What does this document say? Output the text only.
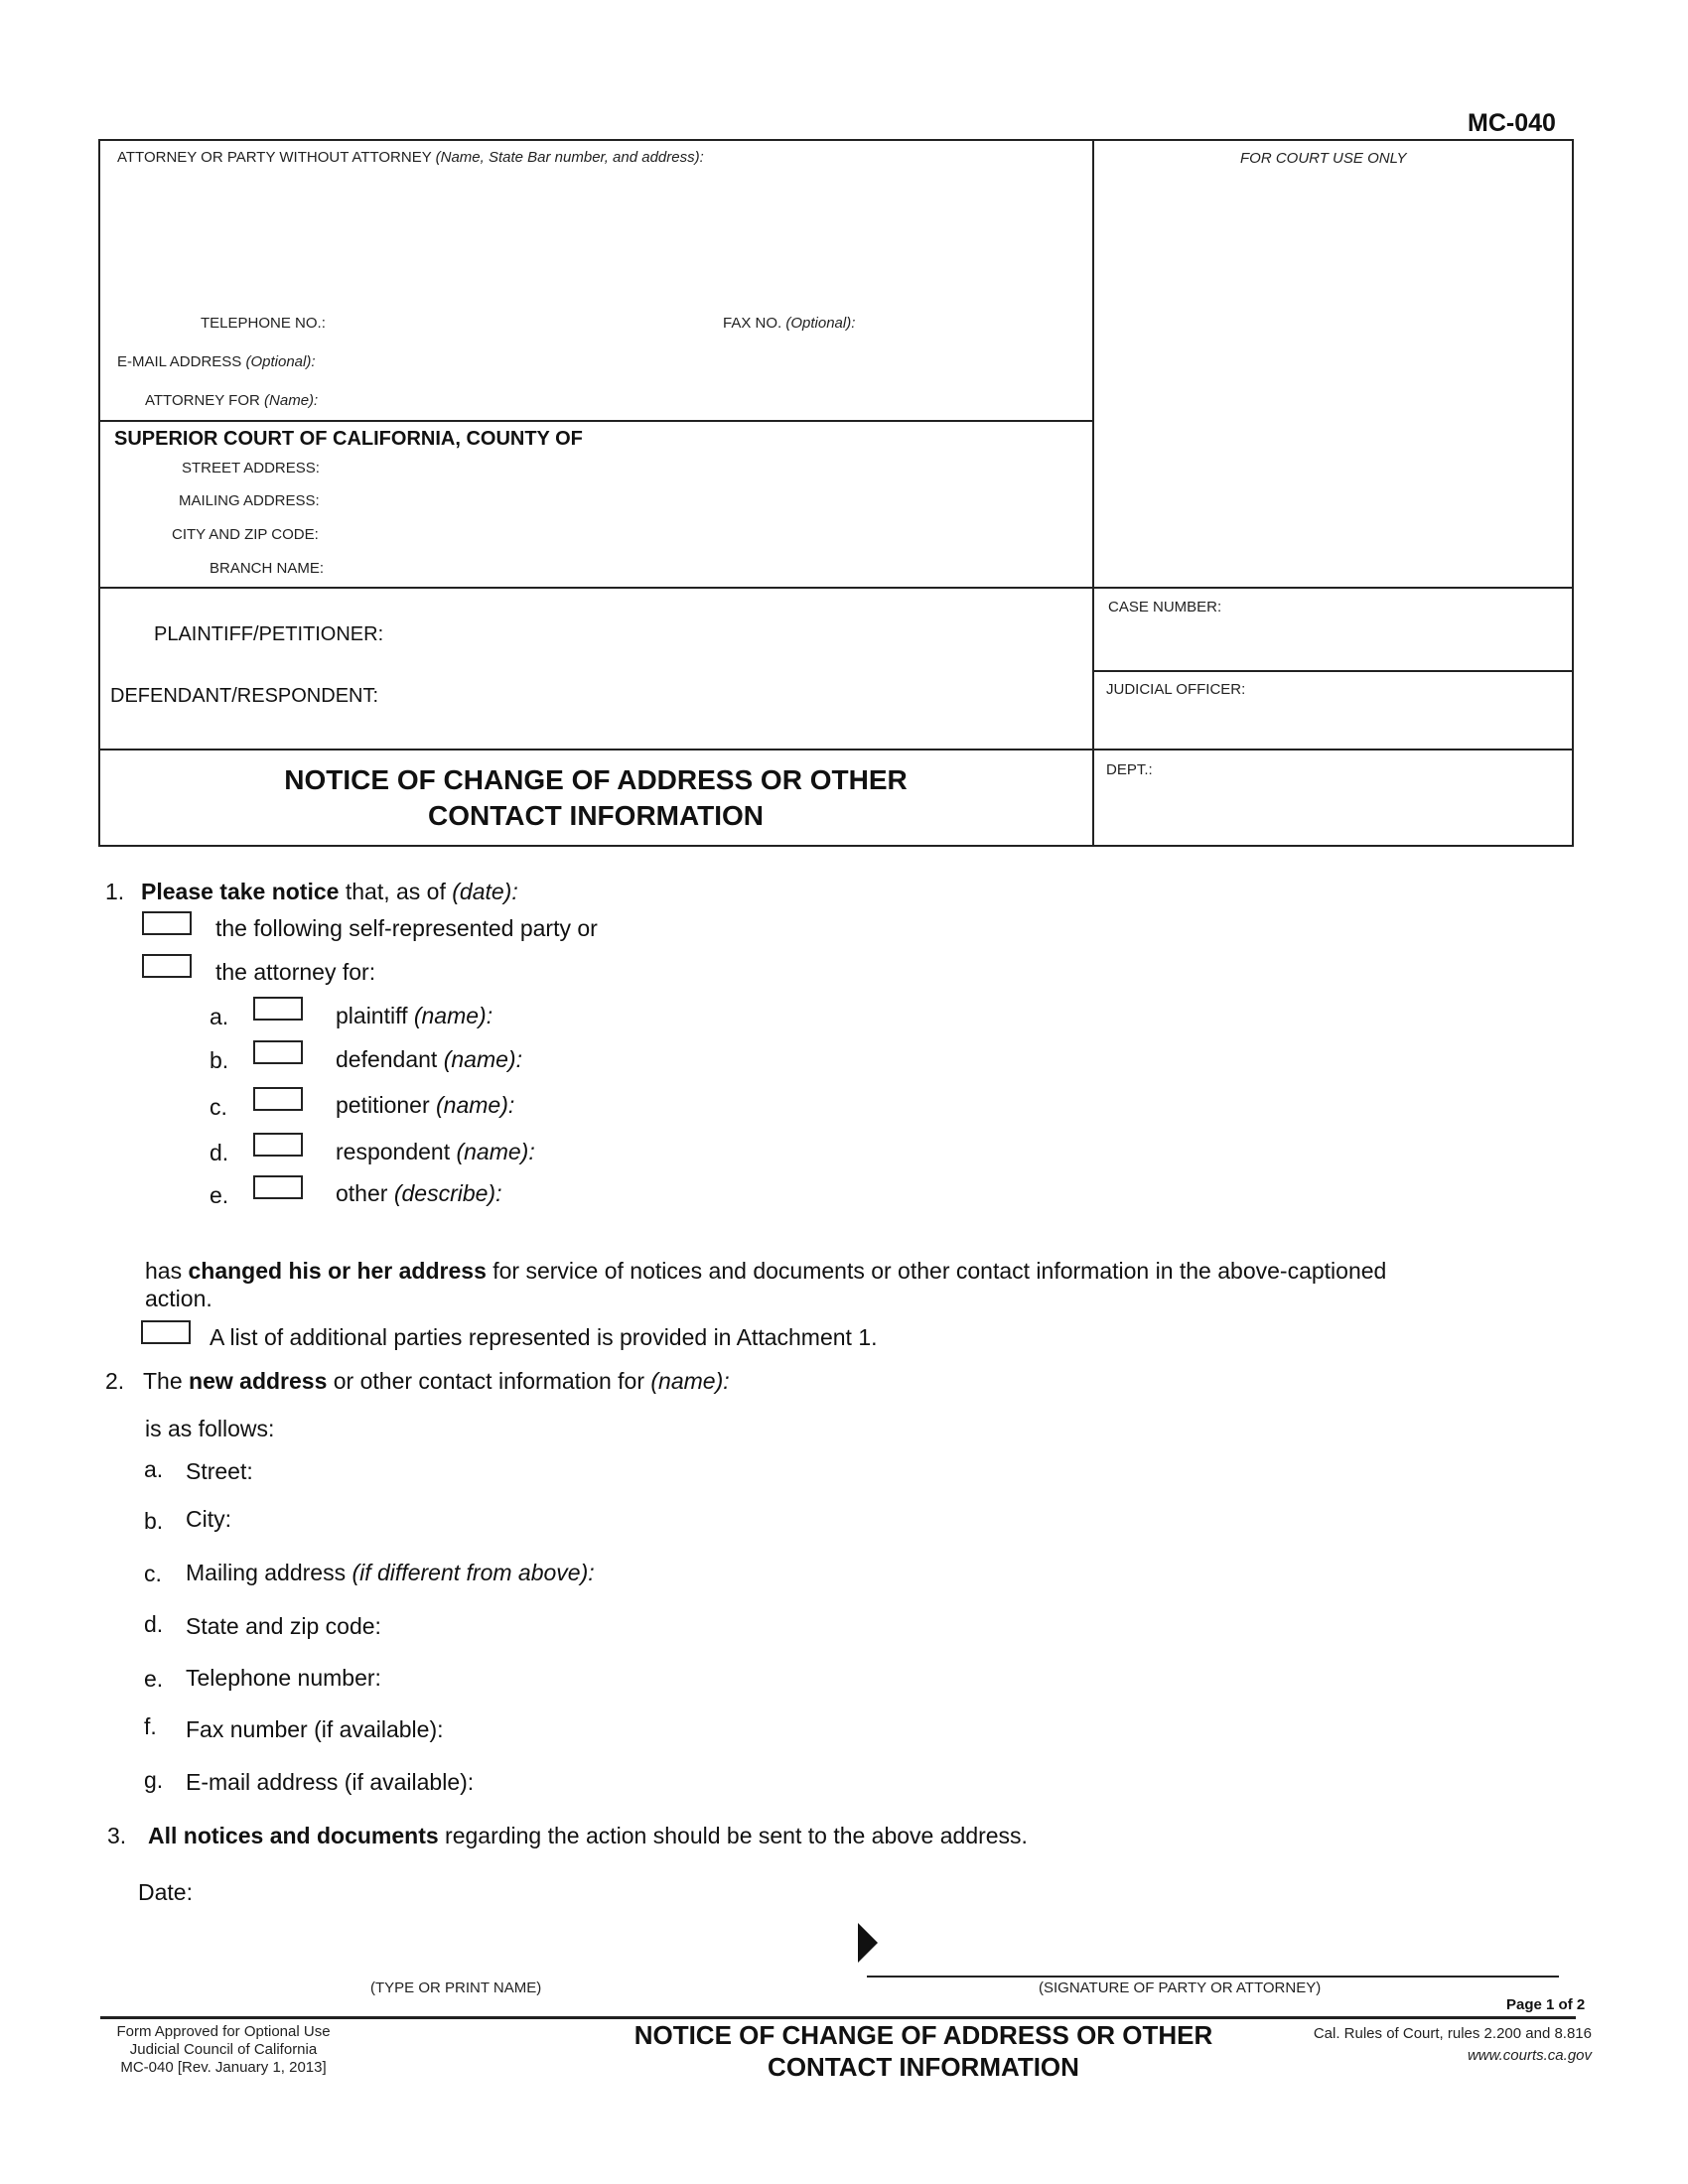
MC-040
ATTORNEY OR PARTY WITHOUT ATTORNEY (Name, State Bar number, and address):	FOR COURT USE ONLY
TELEPHONE NO.:	FAX NO. (Optional):
E-MAIL ADDRESS (Optional):
ATTORNEY FOR (Name):
SUPERIOR COURT OF CALIFORNIA, COUNTY OF
STREET ADDRESS:
MAILING ADDRESS:
CITY AND ZIP CODE:
BRANCH NAME:
PLAINTIFF/PETITIONER:
DEFENDANT/RESPONDENT:
CASE NUMBER:
JUDICIAL OFFICER:
DEPT.:
NOTICE OF CHANGE OF ADDRESS OR OTHER
CONTACT INFORMATION
1. Please take notice that, as of (date):
the following self-represented party or
the attorney for:
a.	plaintiff (name):
b.	defendant (name):
c.	petitioner (name):
d.	respondent (name):
e.	other (describe):
has changed his or her address for service of notices and documents or other contact information in the above-captioned
action.
A list of additional parties represented is provided in Attachment 1.
2. The new address or other contact information for (name):
is as follows:
a. Street:
b. City:
c. Mailing address (if different from above):
d. State and zip code:
e. Telephone number:
f. Fax number (if available):
g. E-mail address (if available):
3. All notices and documents regarding the action should be sent to the above address.
Date:
(TYPE OR PRINT NAME)	(SIGNATURE OF PARTY OR ATTORNEY)
Page 1 of 2
Form Approved for Optional Use
Judicial Council of California
MC-040 [Rev. January 1, 2013]
NOTICE OF CHANGE OF ADDRESS OR OTHER
CONTACT INFORMATION
Cal. Rules of Court, rules 2.200 and 8.816
www.courts.ca.gov
